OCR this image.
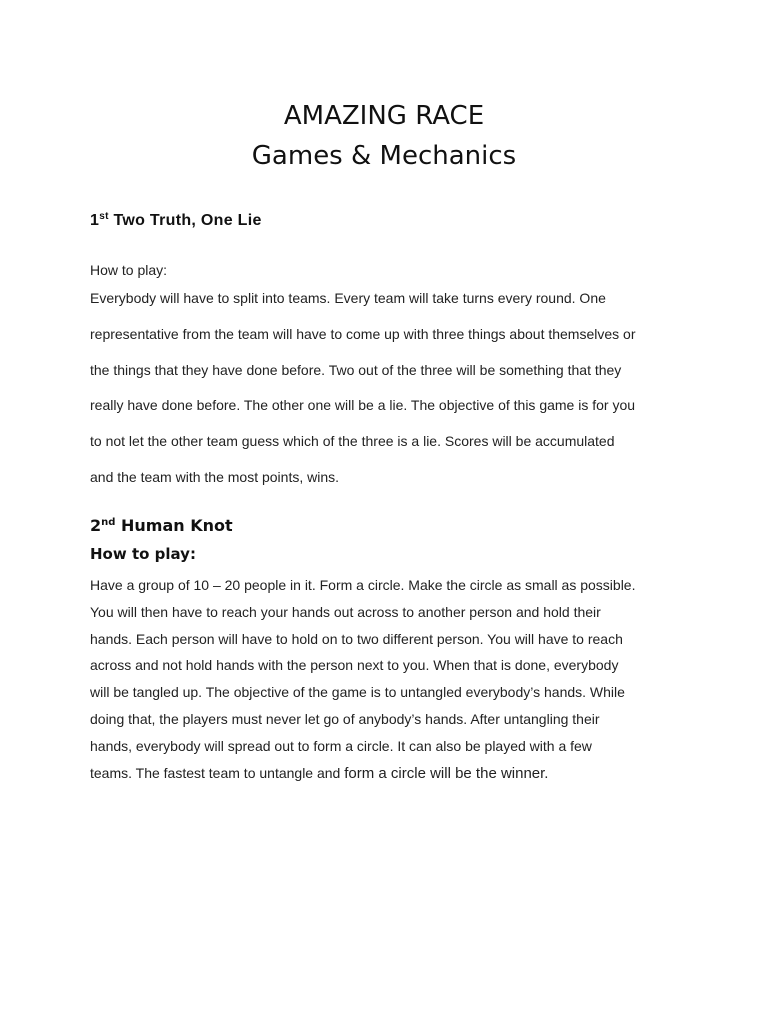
AMAZING RACE
Games & Mechanics
1st Two Truth, One Lie
How to play:
Everybody will have to split into teams. Every team will take turns every round. One
representative from the team will have to come up with three things about themselves or
the things that they have done before. Two out of the three will be something that they
really have done before. The other one will be a lie. The objective of this game is for you
to not let the other team guess which of the three is a lie. Scores will be accumulated
and the team with the most points, wins.
2nd Human Knot
How to play:
Have a group of 10 – 20 people in it. Form a circle. Make the circle as small as possible.
You will then have to reach your hands out across to another person and hold their
hands. Each person will have to hold on to two different person. You will have to reach
across and not hold hands with the person next to you. When that is done, everybody
will be tangled up. The objective of the game is to untangled everybody’s hands. While
doing that, the players must never let go of anybody’s hands. After untangling their
hands, everybody will spread out to form a circle. It can also be played with a few
teams. The fastest team to untangle and form a circle will be the winner.
